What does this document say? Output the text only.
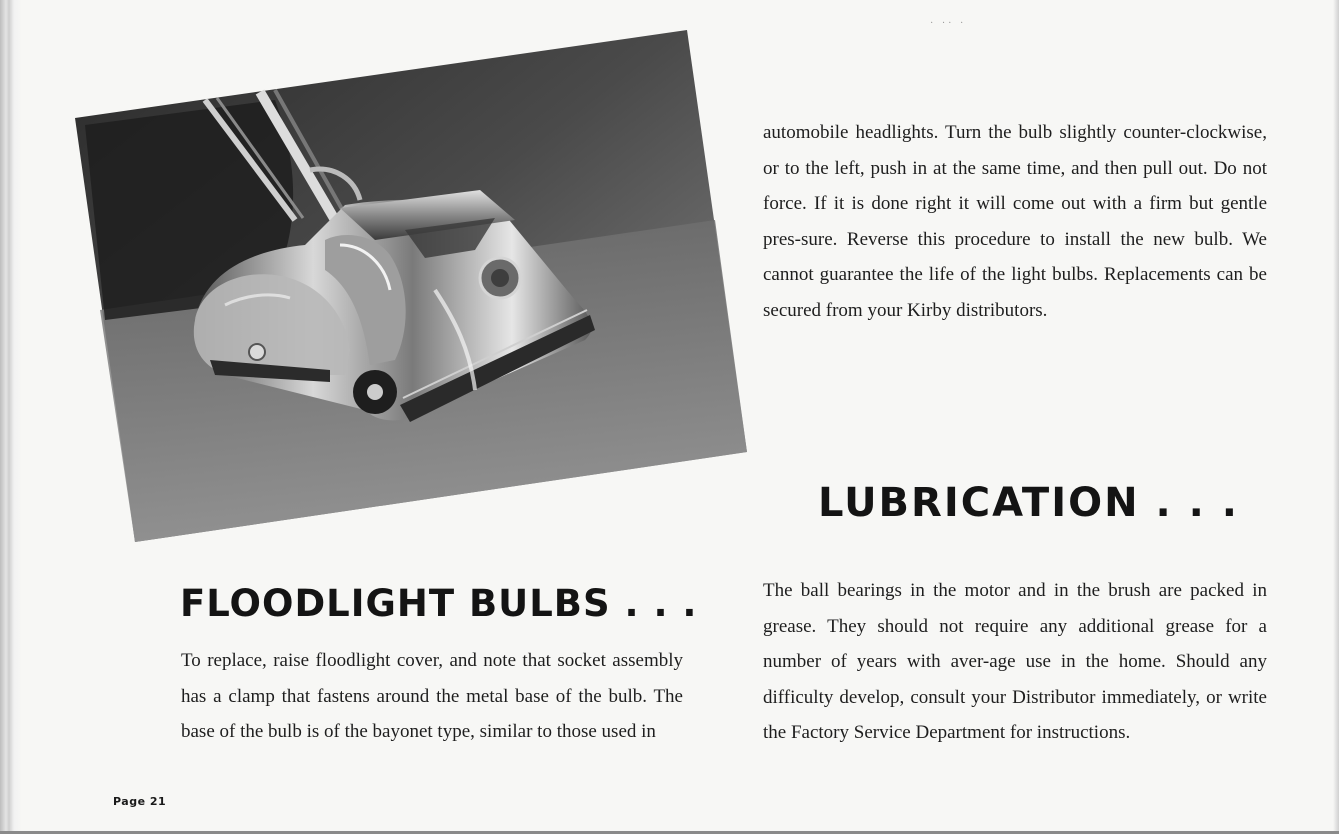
· ·· ·
FLOODLIGHT BULBS . . .

To replace, raise floodlight cover, and note that socket assembly has a clamp that fastens around the metal base of the bulb. The base of the bulb is of the bayonet type, similar to those used in

automobile headlights. Turn the bulb slightly counter-clockwise, or to the left, push in at the same time, and then pull out. Do not force. If it is done right it will come out with a firm but gentle pres-sure. Reverse this procedure to install the new bulb. We cannot guarantee the life of the light bulbs. Replacements can be secured from your Kirby distributors.

LUBRICATION . . .

The ball bearings in the motor and in the brush are packed in grease. They should not require any additional grease for a number of years with aver-age use in the home. Should any difficulty develop, consult your Distributor immediately, or write the Factory Service Department for instructions.

Page 21
